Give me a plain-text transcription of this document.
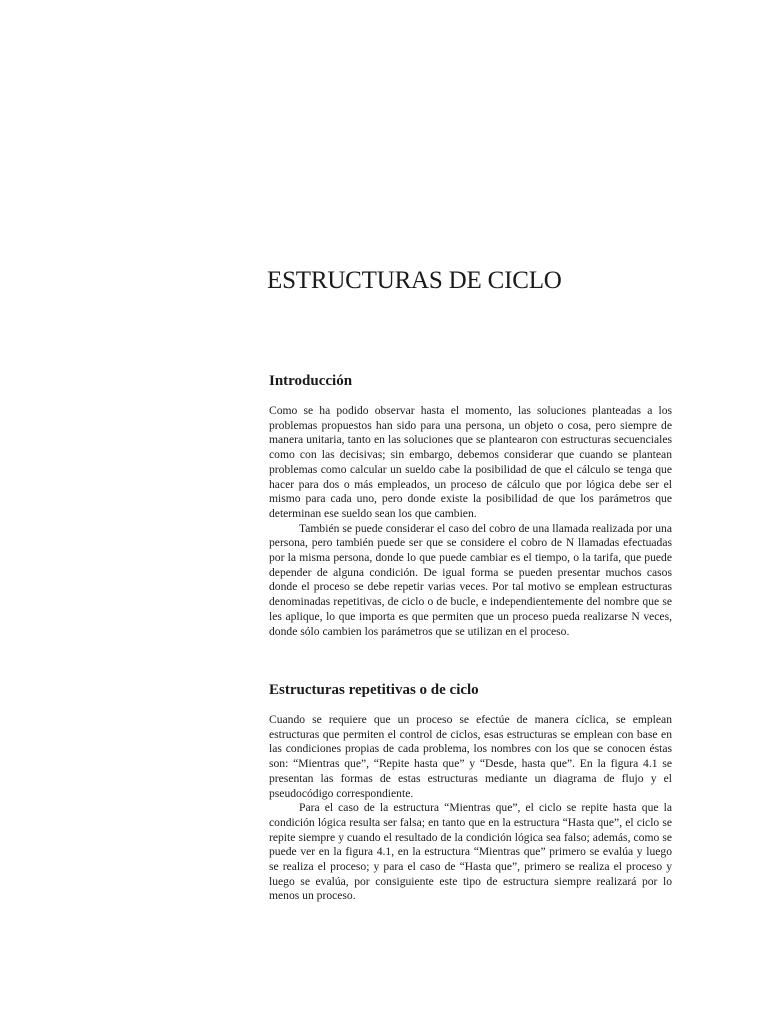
ESTRUCTURAS DE CICLO
Introducción

Como se ha podido observar hasta el momento, las soluciones planteadas a los problemas propuestos han sido para una persona, un objeto o cosa, pero siempre de manera unitaria, tanto en las soluciones que se plantearon con estructuras secuenciales como con las decisivas; sin embargo, debemos considerar que cuando se plantean problemas como calcular un sueldo cabe la posibilidad de que el cálculo se tenga que hacer para dos o más empleados, un proceso de cálculo que por lógica debe ser el mismo para cada uno, pero donde existe la posibilidad de que los parámetros que determinan ese sueldo sean los que cambien.

También se puede considerar el caso del cobro de una llamada realizada por una persona, pero también puede ser que se considere el cobro de N llamadas efectuadas por la misma persona, donde lo que puede cambiar es el tiempo, o la tarifa, que puede depender de alguna condición. De igual forma se pueden presentar muchos casos donde el proceso se debe repetir varias veces. Por tal motivo se emplean estructuras denominadas repetitivas, de ciclo o de bucle, e independientemente del nombre que se les aplique, lo que importa es que permiten que un proceso pueda realizarse N veces, donde sólo cambien los parámetros que se utilizan en el proceso.

Estructuras repetitivas o de ciclo

Cuando se requiere que un proceso se efectúe de manera cíclica, se emplean estructuras que permiten el control de ciclos, esas estructuras se emplean con base en las condiciones propias de cada problema, los nombres con los que se conocen éstas son: “Mientras que”, “Repite hasta que” y “Desde, hasta que”. En la figura 4.1 se presentan las formas de estas estructuras mediante un diagrama de flujo y el pseudocódigo correspondiente.

Para el caso de la estructura “Mientras que”, el ciclo se repite hasta que la condición lógica resulta ser falsa; en tanto que en la estructura “Hasta que”, el ciclo se repite siempre y cuando el resultado de la condición lógica sea falso; además, como se puede ver en la figura 4.1, en la estructura “Mientras que” primero se evalúa y luego se realiza el proceso; y para el caso de “Hasta que”, primero se realiza el proceso y luego se evalúa, por consiguiente este tipo de estructura siempre realizará por lo menos un proceso.
